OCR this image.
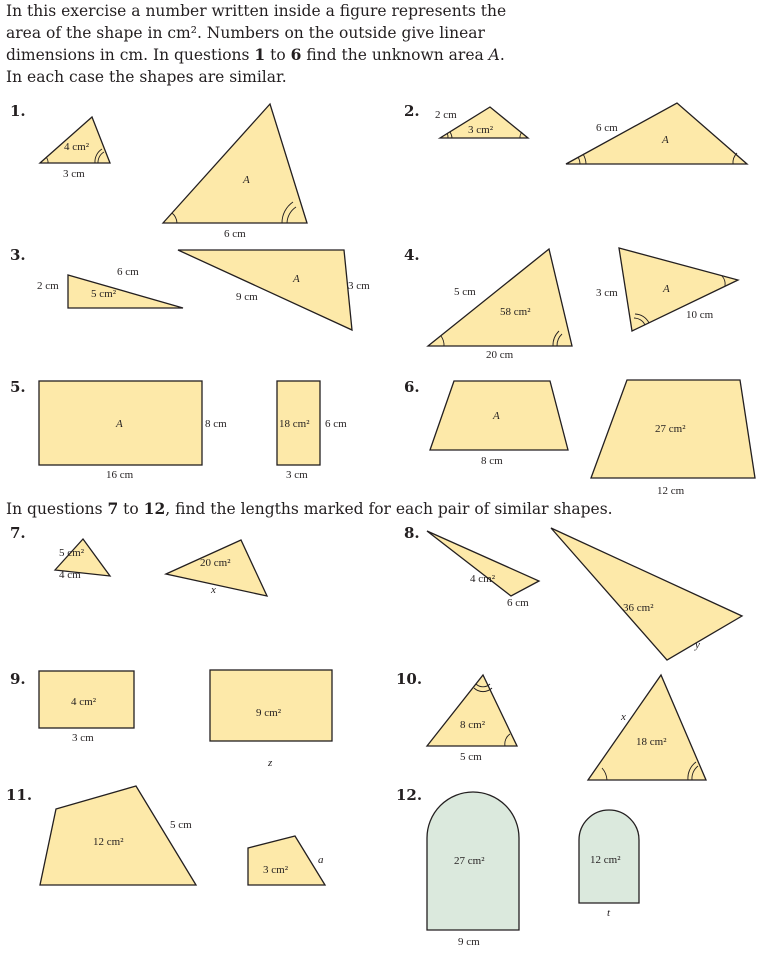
In this exercise a number written inside a figure represents the

area of the shape in cm². Numbers on the outside give linear

dimensions in cm. In questions 1 to 6 find the unknown area A.

In each case the shapes are similar.

In questions 7 to 12, find the lengths marked for each pair of similar shapes.
1.	2.
3.	4.
5.	6.
7.	8.
9.	10.
11.	12.
4 cm²
3 cm	A
6 cm
2 cm
3 cm²	6 cm
A
2 cm
6 cm
5 cm²	9 cm
A
3 cm	5 cm
58 cm²
20 cm
3 cm	A
10 cm
A	8 cm
16 cm
18 cm² 6 cm
3 cm
A
8 cm
27 cm²
12 cm
5 cm²
4 cm
20 cm²
x
4 cm²
6 cm	36 cm²
y
4 cm²
3 cm
9 cm²
z
8 cm²
5 cm
x
18 cm²
12 cm²
5 cm
3 cm²
a	27 cm²
9 cm
12 cm²
t
